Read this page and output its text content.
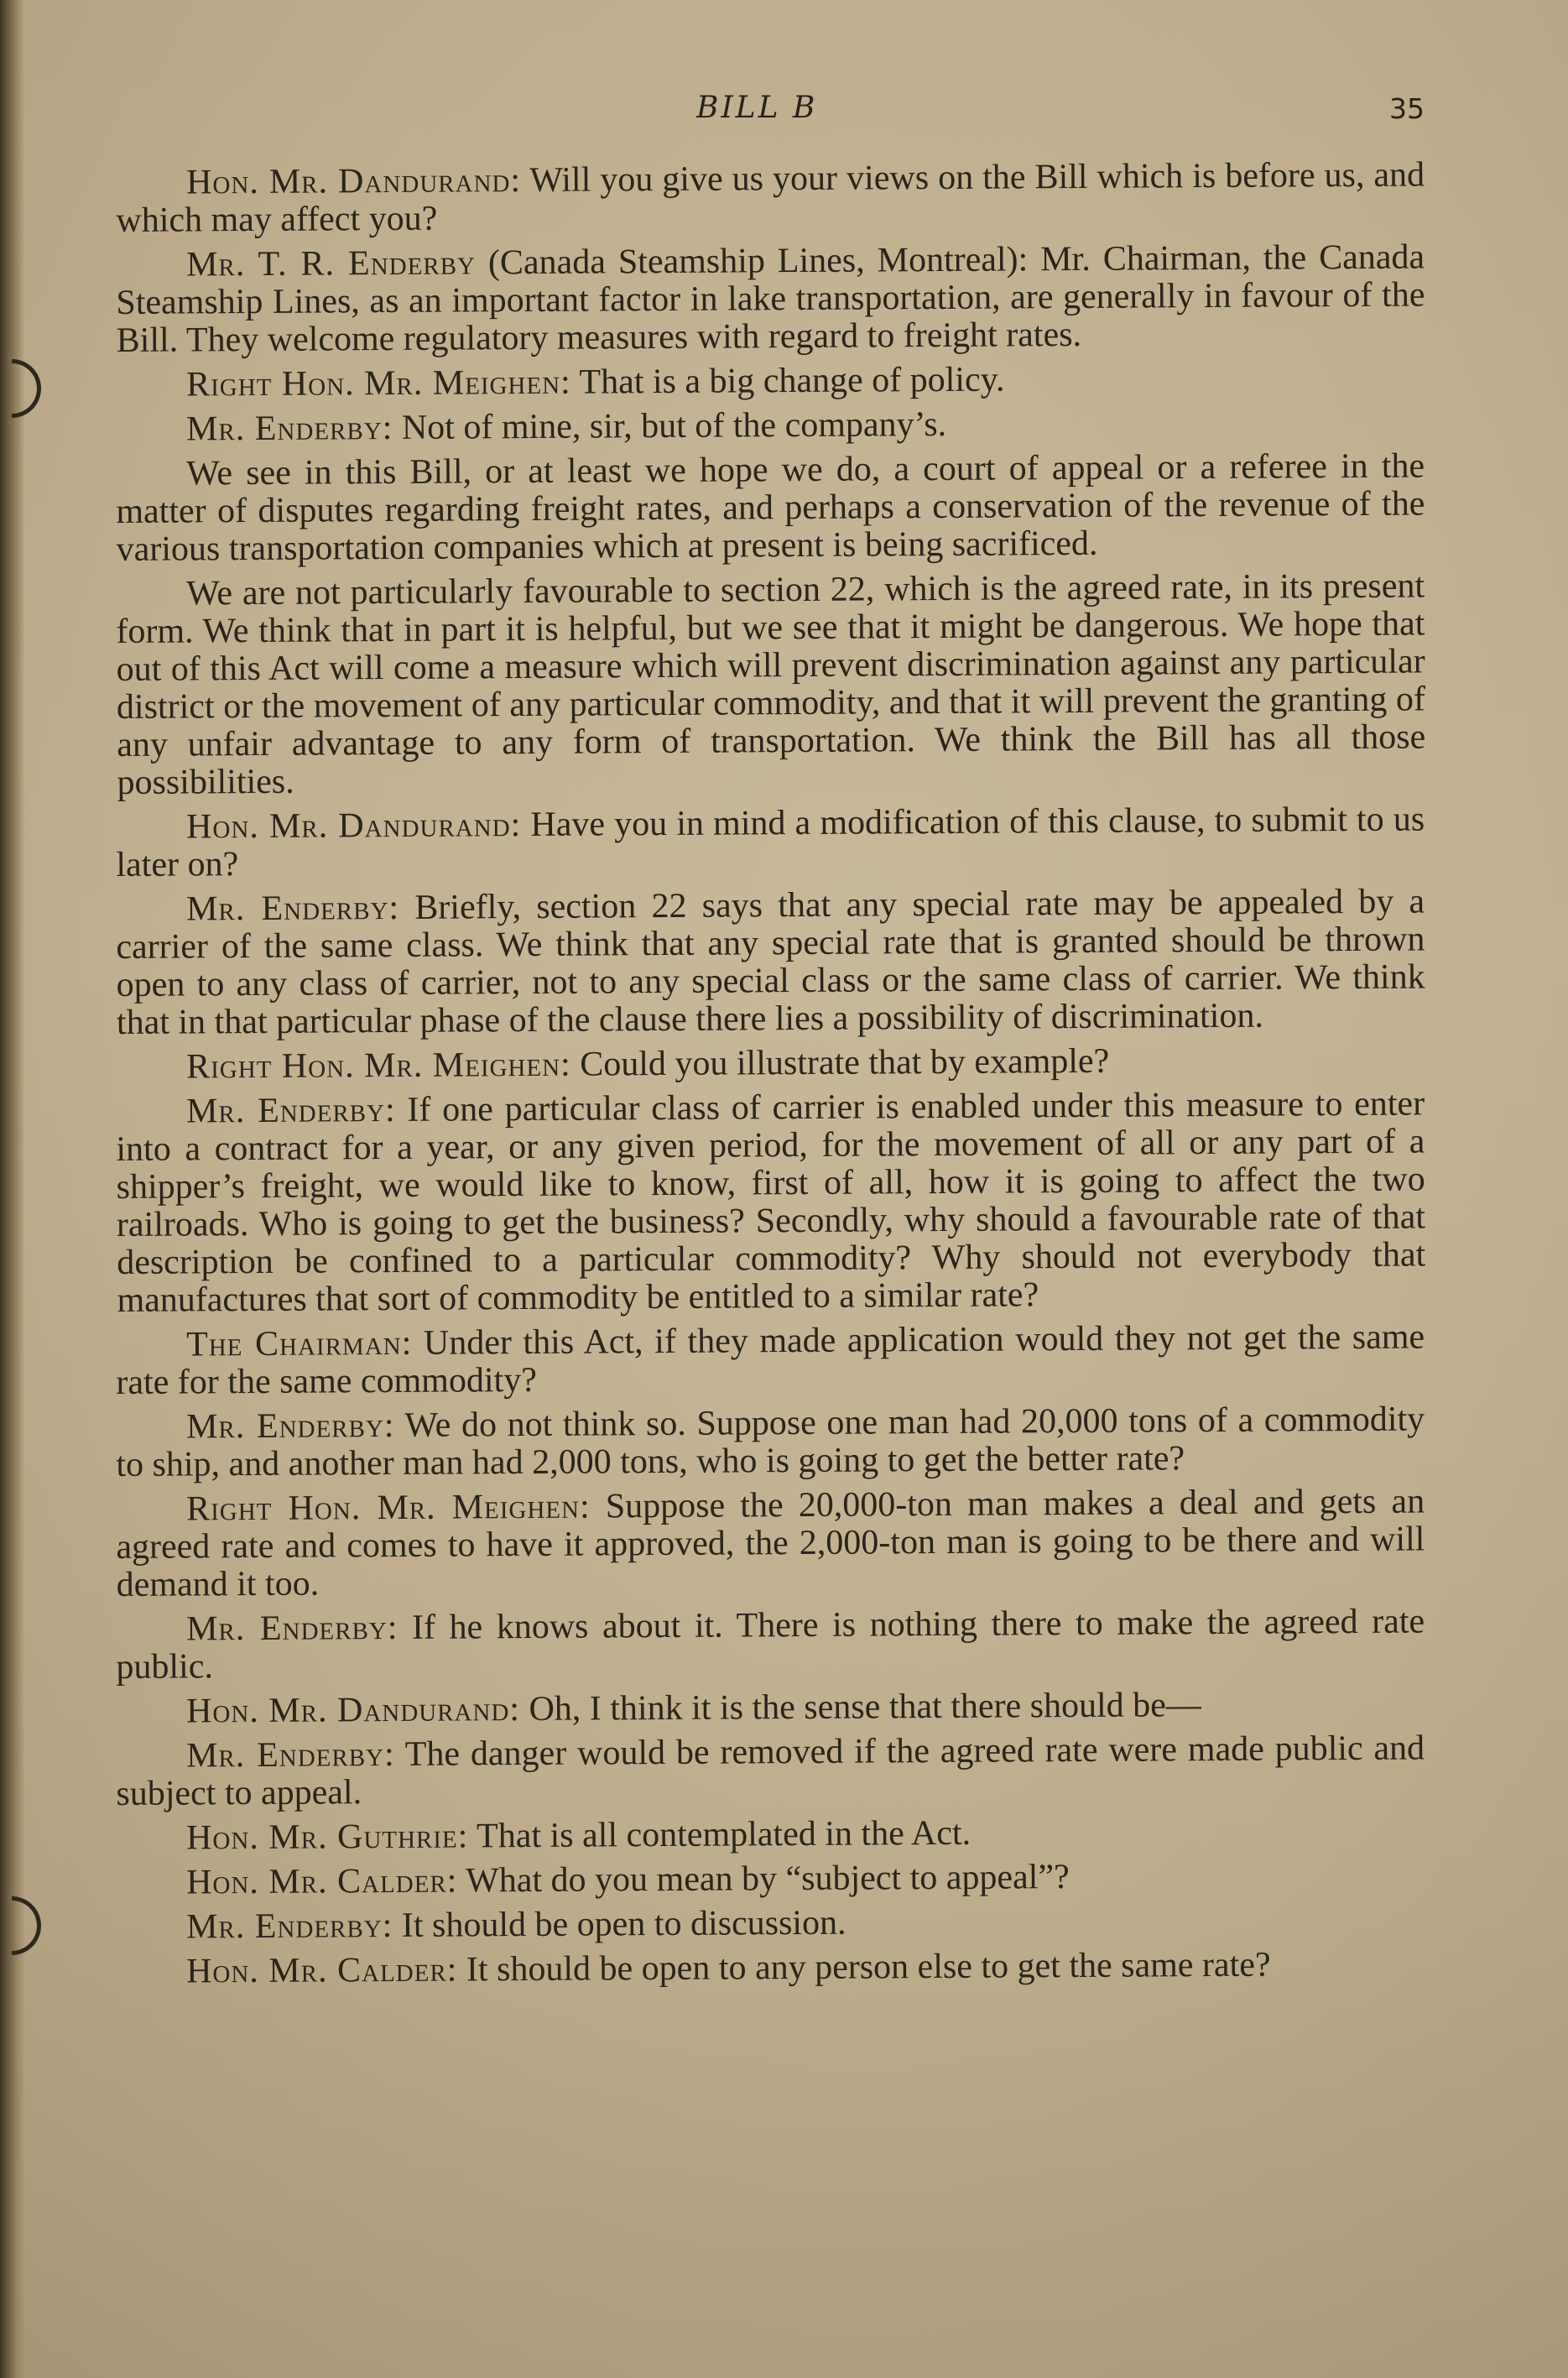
BILL B	35

Hon. Mr. Dandurand: Will you give us your views on the Bill which is before us, and which may affect you?

Mr. T. R. Enderby (Canada Steamship Lines, Montreal): Mr. Chairman, the Canada Steamship Lines, as an important factor in lake transportation, are generally in favour of the Bill. They welcome regulatory measures with regard to freight rates.

Right Hon. Mr. Meighen: That is a big change of policy.

Mr. Enderby: Not of mine, sir, but of the company’s.

We see in this Bill, or at least we hope we do, a court of appeal or a referee in the matter of disputes regarding freight rates, and perhaps a conservation of the revenue of the various transportation companies which at present is being sacrificed.

We are not particularly favourable to section 22, which is the agreed rate, in its present form. We think that in part it is helpful, but we see that it might be dangerous. We hope that out of this Act will come a measure which will prevent discrimination against any particular district or the movement of any particular commodity, and that it will prevent the granting of any unfair advantage to any form of transportation. We think the Bill has all those possibilities.

Hon. Mr. Dandurand: Have you in mind a modification of this clause, to submit to us later on?

Mr. Enderby: Briefly, section 22 says that any special rate may be appealed by a carrier of the same class. We think that any special rate that is granted should be thrown open to any class of carrier, not to any special class or the same class of carrier. We think that in that particular phase of the clause there lies a possibility of discrimination.

Right Hon. Mr. Meighen: Could you illustrate that by example?

Mr. Enderby: If one particular class of carrier is enabled under this measure to enter into a contract for a year, or any given period, for the movement of all or any part of a shipper’s freight, we would like to know, first of all, how it is going to affect the two railroads. Who is going to get the business? Secondly, why should a favourable rate of that description be confined to a particular commodity? Why should not everybody that manufactures that sort of commodity be entitled to a similar rate?

The Chairman: Under this Act, if they made application would they not get the same rate for the same commodity?

Mr. Enderby: We do not think so. Suppose one man had 20,000 tons of a commodity to ship, and another man had 2,000 tons, who is going to get the better rate?

Right Hon. Mr. Meighen: Suppose the 20,000-ton man makes a deal and gets an agreed rate and comes to have it approved, the 2,000-ton man is going to be there and will demand it too.

Mr. Enderby: If he knows about it. There is nothing there to make the agreed rate public.

Hon. Mr. Dandurand: Oh, I think it is the sense that there should be—

Mr. Enderby: The danger would be removed if the agreed rate were made public and subject to appeal.

Hon. Mr. Guthrie: That is all contemplated in the Act.

Hon. Mr. Calder: What do you mean by “subject to appeal”?

Mr. Enderby: It should be open to discussion.

Hon. Mr. Calder: It should be open to any person else to get the same rate?
